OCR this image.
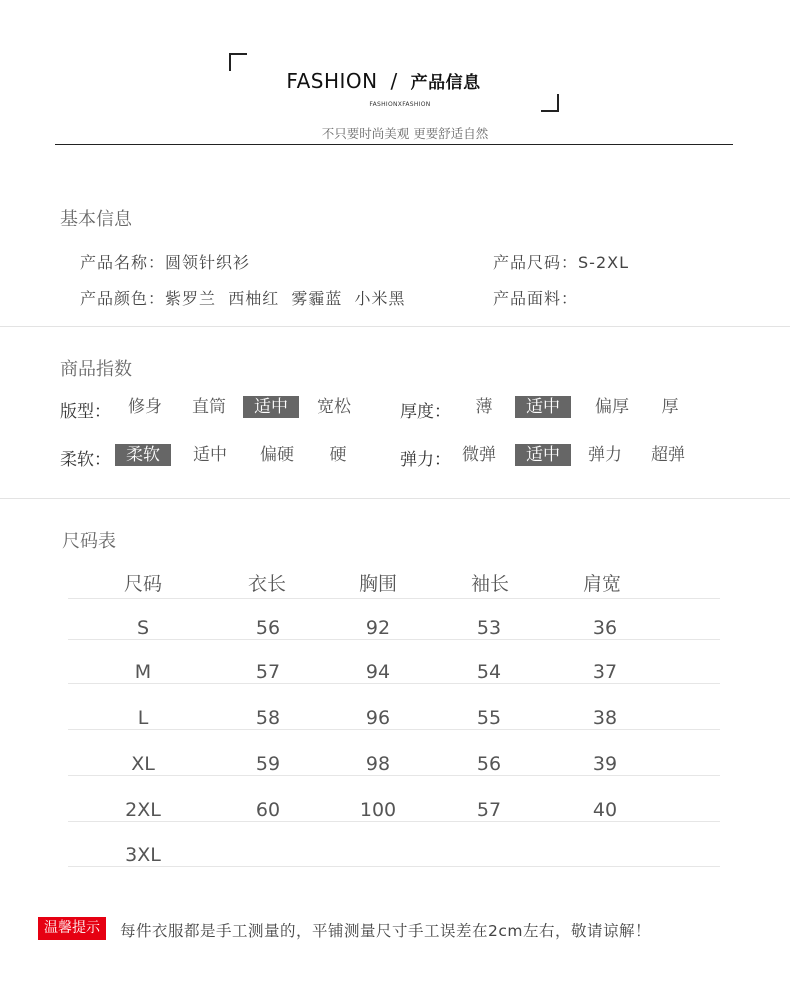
FASHION / 产品信息
FASHIONXFASHION
不只要时尚美观 更要舒适自然
基本信息
产品名称：圆领针织衫	产品尺码：S-2XL
产品颜色：紫罗兰  西柚红  雾霾蓝  小米黑	产品面料：
商品指数
版型：	修身	直筒	适中	宽松	厚度：	薄	适中	偏厚	厚
柔软： 柔软	适中	偏硬	硬	弹力： 微弹	适中	弹力	超弹
尺码表
尺码	衣长	胸围	袖长	肩宽
S	56	92	53	36
M	57	94	54	37
L	58	96	55	38
XL	59	98	56	39
2XL	60	100	57	40
3XL
温馨提示	每件衣服都是手工测量的，平铺测量尺寸手工误差在2cm左右，敬请谅解！
